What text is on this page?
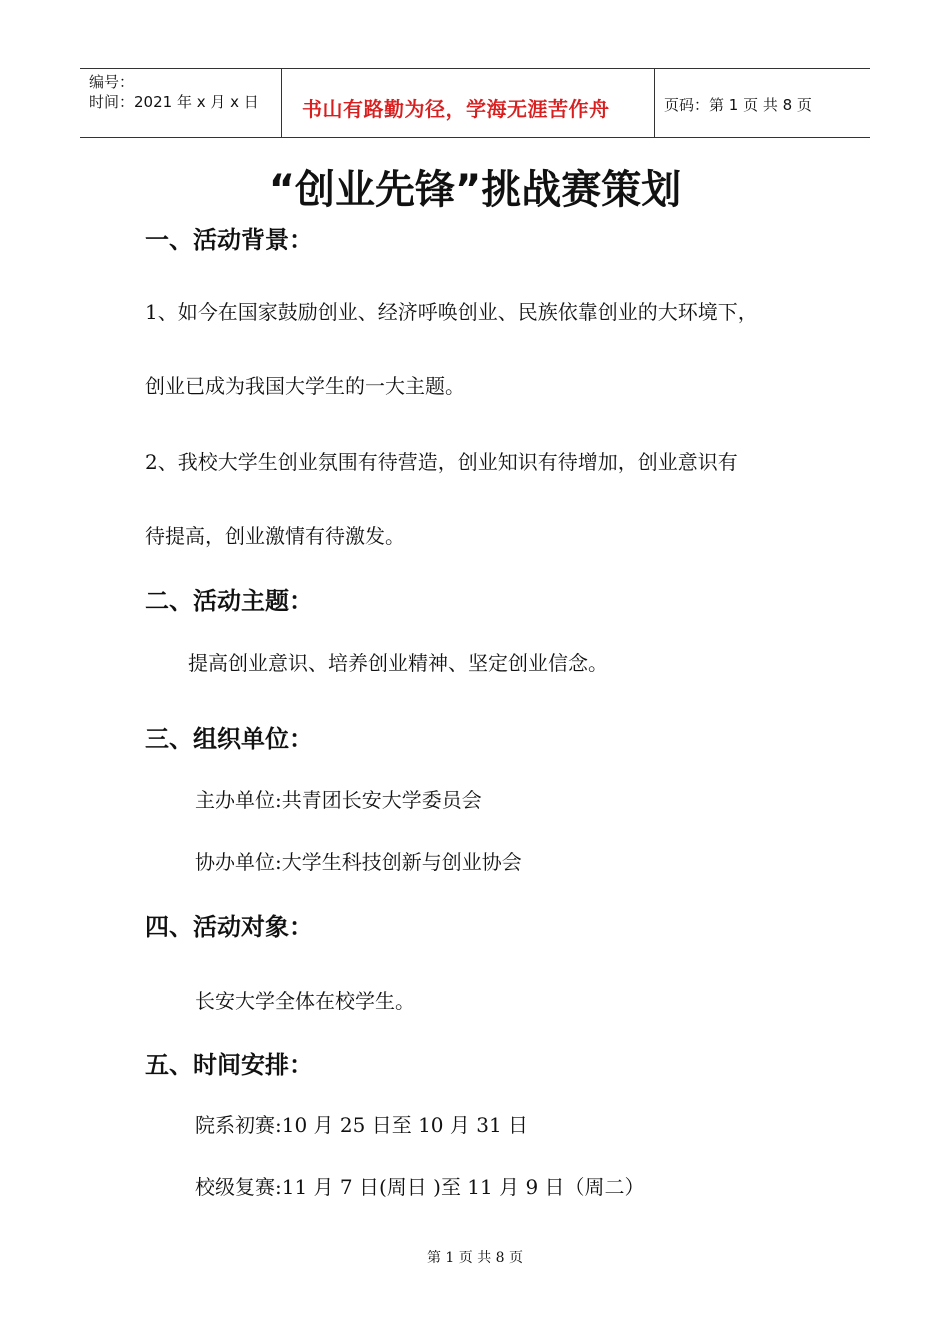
编号：
时间：2021 年 x 月 x 日 书山有路勤为径，学海无涯苦作舟	页码：第 1 页 共 8 页
“创业先锋”挑战赛策划
一、活动背景：
1、如今在国家鼓励创业、经济呼唤创业、民族依靠创业的大环境下，
创业已成为我国大学生的一大主题。
2、我校大学生创业氛围有待营造，创业知识有待增加，创业意识有
待提高，创业激情有待激发。
二、活动主题：
提高创业意识、培养创业精神、坚定创业信念。
三、组织单位：
主办单位:共青团长安大学委员会
协办单位:大学生科技创新与创业协会
四、活动对象：
长安大学全体在校学生。
五、时间安排：
院系初赛:10 月 25 日至 10 月 31 日
校级复赛:11 月 7 日(周日 )至 11 月 9 日（周二）
第 1 页 共 8 页
